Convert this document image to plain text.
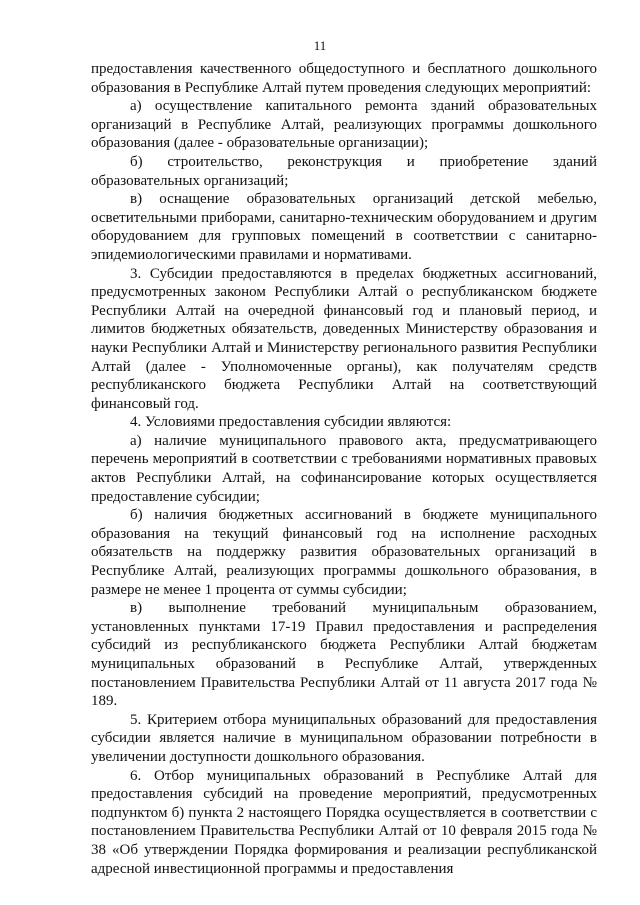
11

предоставления качественного общедоступного и бесплатного дошкольного образования в Республике Алтай путем проведения следующих мероприятий:

а) осуществление капитального ремонта зданий образовательных организаций в Республике Алтай, реализующих программы дошкольного образования (далее - образовательные организации);

б) строительство, реконструкция и приобретение зданий образовательных организаций;

в) оснащение образовательных организаций детской мебелью, осветительными приборами, санитарно-техническим оборудованием и другим оборудованием для групповых помещений в соответствии с санитарно-эпидемиологическими правилами и нормативами.

3. Субсидии предоставляются в пределах бюджетных ассигнований, предусмотренных законом Республики Алтай о республиканском бюджете Республики Алтай на очередной финансовый год и плановый период, и лимитов бюджетных обязательств, доведенных Министерству образования и науки Республики Алтай и Министерству регионального развития Республики Алтай (далее - Уполномоченные органы), как получателям средств республиканского бюджета Республики Алтай на соответствующий финансовый год.

4. Условиями предоставления субсидии являются:

а) наличие муниципального правового акта, предусматривающего перечень мероприятий в соответствии с требованиями нормативных правовых актов Республики Алтай, на софинансирование которых осуществляется предоставление субсидии;

б) наличия бюджетных ассигнований в бюджете муниципального образования на текущий финансовый год на исполнение расходных обязательств на поддержку развития образовательных организаций в Республике Алтай, реализующих программы дошкольного образования, в размере не менее 1 процента от суммы субсидии;

в) выполнение требований муниципальным образованием, установленных пунктами 17-19 Правил предоставления и распределения субсидий из республиканского бюджета Республики Алтай бюджетам муниципальных образований в Республике Алтай, утвержденных постановлением Правительства Республики Алтай от 11 августа 2017 года № 189.

5. Критерием отбора муниципальных образований для предоставления субсидии является наличие в муниципальном образовании потребности в увеличении доступности дошкольного образования.

6. Отбор муниципальных образований в Республике Алтай для предоставления субсидий на проведение мероприятий, предусмотренных подпунктом б) пункта 2 настоящего Порядка осуществляется в соответствии с постановлением Правительства Республики Алтай от 10 февраля 2015 года № 38 «Об утверждении Порядка формирования и реализации республиканской адресной инвестиционной программы и предоставления
